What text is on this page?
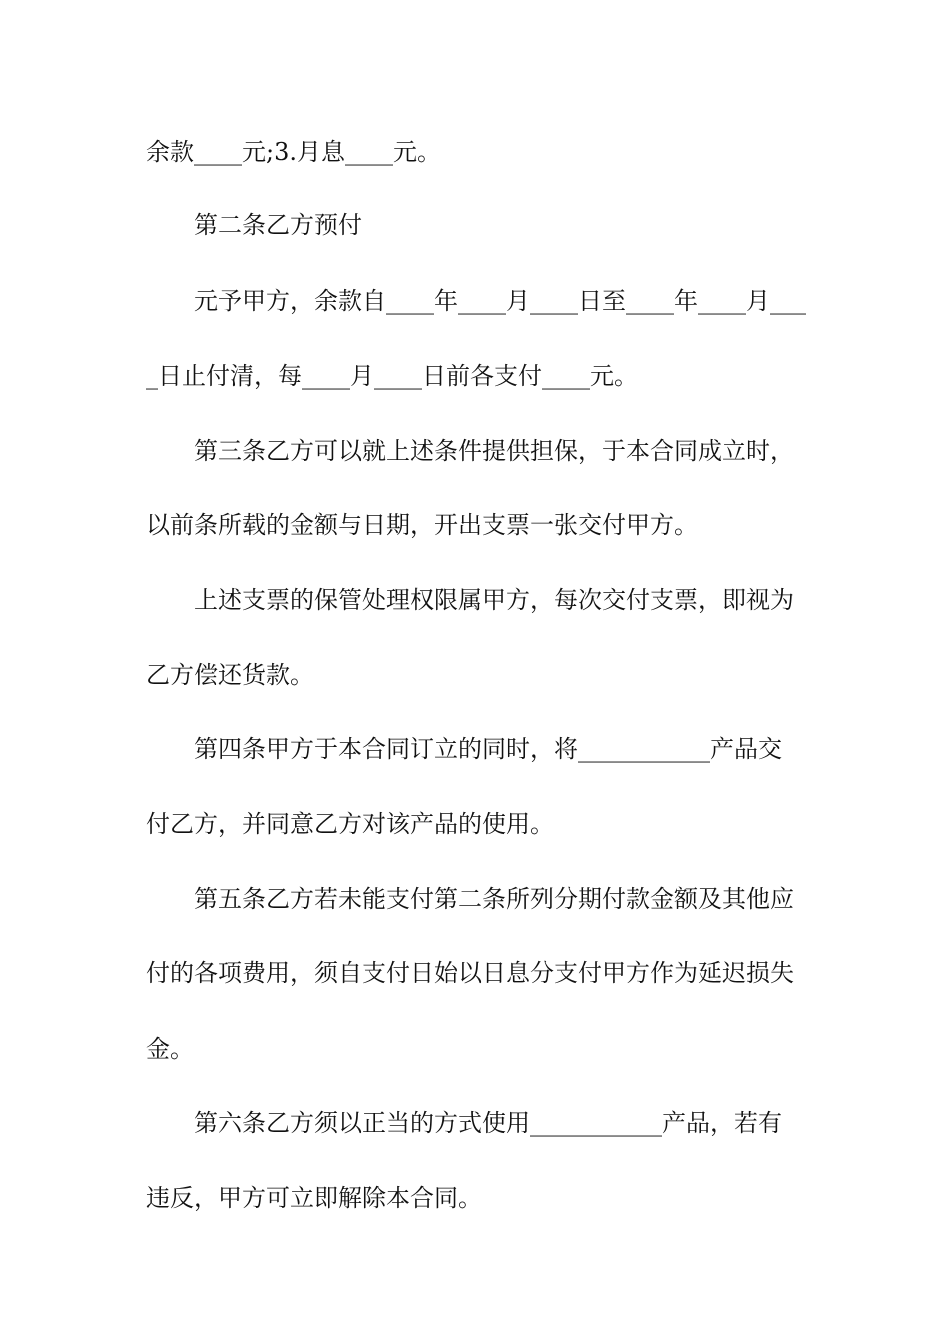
余款____元;3.月息____元。
第二条乙方预付
元予甲方，余款自____年____月____日至____年____月___
_日止付清，每____月____日前各支付____元。
第三条乙方可以就上述条件提供担保，于本合同成立时，
以前条所载的金额与日期，开出支票一张交付甲方。
上述支票的保管处理权限属甲方，每次交付支票，即视为
乙方偿还货款。
第四条甲方于本合同订立的同时，将___________产品交
付乙方，并同意乙方对该产品的使用。
第五条乙方若未能支付第二条所列分期付款金额及其他应
付的各项费用，须自支付日始以日息分支付甲方作为延迟损失
金。
第六条乙方须以正当的方式使用___________产品，若有
违反，甲方可立即解除本合同。
